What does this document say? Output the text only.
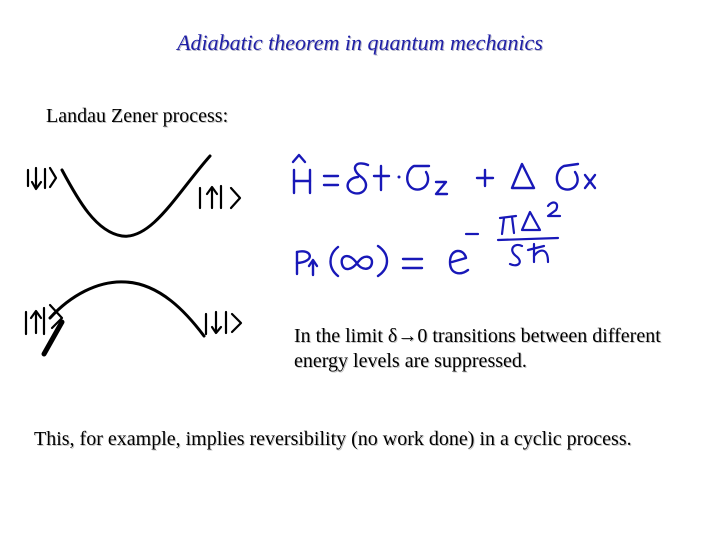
Adiabatic theorem in quantum mechanics
Landau Zener process:
In the limit δ→0 transitions between different energy levels are suppressed.
This, for example, implies reversibility (no work done) in a cyclic process.
